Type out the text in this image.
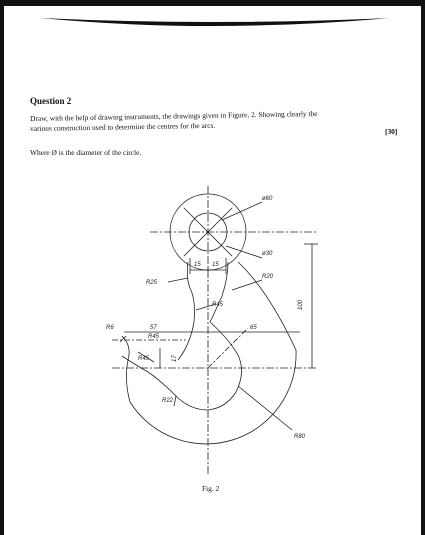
Question 2
Draw, with the help of drawing instruments, the drawings given in Figure, 2. Showing clearly the
various construction used to determine the centres for the arcs.	[30]
Where Ø is the diameter of the circle.
ø60
ø30
15 15
R20
R25
R45
R6	57
R45
R45
65
100
17
R22
R80
Fig. 2
